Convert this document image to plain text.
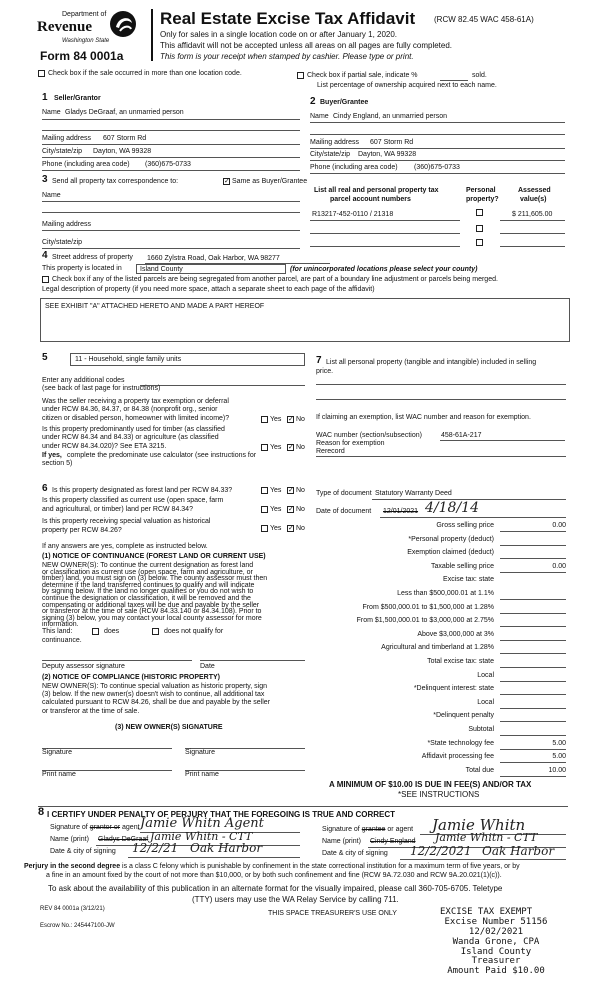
Department of
Revenue
Washington State
Form 84 0001a
Real Estate Excise Tax Affidavit (RCW 82.45 WAC 458-61A)
Only for sales in a single location code on or after January 1, 2020.
This affidavit will not be accepted unless all areas on all pages are fully completed.
This form is your receipt when stamped by cashier. Please type or print.
Check box if the sale occurred in more than one location code.	Check box if partial sale, indicate %	sold.
List percentage of ownership acquired next to each name.
1 Seller/Grantor
Name Gladys DeGraaf, an unmarried person
Mailing address 607 Storm Rd
City/state/zip Dayton, WA 99328
Phone (including area code) (360)675-0733
2 Buyer/Grantee
Name Cindy England, an unmarried person
Mailing address 607 Storm Rd
City/state/zip Dayton, WA 99328
Phone (including area code) (360)675-0733
3 Send all property tax correspondence to:	✓ Same as Buyer/Grantee
Name
Mailing address
City/state/zip
List all real and personal property tax
parcel account numbers
Personal
property?
Assessed
value(s)
R13217-452-0110 / 21318	$ 211,605.00
4 Street address of property 1660 Zylstra Road, Oak Harbor, WA 98277
This property is located in	Island County	(for unincorporated locations please select your county)
Check box if any of the listed parcels are being segregated from another parcel, are part of a boundary line adjustment or parcels being merged.
Legal description of property (if you need more space, attach a separate sheet to each page of the affidavit)
SEE EXHIBIT "A" ATTACHED HERETO AND MADE A PART HEREOF
5	11 - Household, single family units
Enter any additional codes
(see back of last page for instructions)
Was the seller receiving a property tax exemption or deferral
under RCW 84.36, 84.37, or 84.38 (nonprofit org., senior
citizen or disabled person, homeowner with limited income)?	Yes ✓ No
Is this property predominantly used for timber (as classified
under RCW 84.34 and 84.33) or agriculture (as classified
under RCW 84.34.020)? See ETA 3215.	Yes ✓ No
If yes, complete the predominate use calculator (see instructions for
section 5)
7 List all personal property (tangible and intangible) included in selling
price.
If claiming an exemption, list WAC number and reason for exemption.
WAC number (section/subsection)	458-61A-217
Reason for exemption
Rerecord
6 Is this property designated as forest land per RCW 84.33?	Yes ✓ No
Is this property classified as current use (open space, farm
and agricultural, or timber) land per RCW 84.34?	Yes ✓ No
Is this property receiving special valuation as historical
property per RCW 84.26?	Yes ✓ No
If any answers are yes, complete as instructed below.
(1) NOTICE OF CONTINUANCE (FOREST LAND OR CURRENT USE)
NEW OWNER(S): To continue the current designation as forest land
or classification as current use (open space, farm and agriculture, or
timber) land, you must sign on (3) below. The county assessor must then
determine if the land transferred continues to qualify and will indicate
by signing below. If the land no longer qualifies or you do not wish to
continue the designation or classification, it will be removed and the
compensating or additional taxes will be due and payable by the seller
or transferor at the time of sale (RCW 84.33.140 or 84.34.108). Prior to
signing (3) below, you may contact your local county assessor for more
information.
This land:	does	does not qualify for
continuance.
Deputy assessor signature	Date
(2) NOTICE OF COMPLIANCE (HISTORIC PROPERTY)
NEW OWNER(S): To continue special valuation as historic property, sign
(3) below. If the new owner(s) doesn't wish to continue, all additional tax
calculated pursuant to RCW 84.26, shall be due and payable by the seller
or transferor at the time of sale.
(3) NEW OWNER(S) SIGNATURE
Signature	Signature
Print name	Print name
Type of document Statutory Warranty Deed
Date of document 12/01/2021 4/18/14
Gross selling price	0.00
*Personal property (deduct)
Exemption claimed (deduct)
Taxable selling price	0.00
Excise tax: state
Less than $500,000.01 at 1.1%
From $500,000.01 to $1,500,000 at 1.28%
From $1,500,000.01 to $3,000,000 at 2.75%
Above $3,000,000 at 3%
Agricultural and timberland at 1.28%
Total excise tax: state
Local
*Delinquent interest: state
Local
*Delinquent penalty
Subtotal
*State technology fee	5.00
Affidavit processing fee	5.00
Total due	10.00
A MINIMUM OF $10.00 IS DUE IN FEE(S) AND/OR TAX
*SEE INSTRUCTIONS
8 I CERTIFY UNDER PENALTY OF PERJURY THAT THE FOREGOING IS TRUE AND CORRECT
Signature of grantor or agent Jamie Whitn Agent
Name (print) Gladys DeGraaf Jamie Whitn - CTT
Date & city of signing 12/2/21 Oak Harbor
Signature of grantee or agent Jamie Whitn
Name (print) Cindy England Jamie Whitn - CTT
Date & city of signing 12/2/2021 Oak Harbor
Perjury in the second degree is a class C felony which is punishable by confinement in the state correctional institution for a maximum term of five years, or by
a fine in an amount fixed by the court of not more than $10,000, or by both such confinement and fine (RCW 9A.72.030 and RCW 9A.20.021(1)(c)).
To ask about the availability of this publication in an alternate format for the visually impaired, please call 360-705-6705. Teletype
(TTY) users may use the WA Relay Service by calling 711.
REV 84 0001a (3/12/21)
THIS SPACE TREASURER'S USE ONLY
Escrow No.: 245447100-JW
EXCISE TAX EXEMPT
Excise Number 51156
12/02/2021
Wanda Grone, CPA
Island County Treasurer
Amount Paid $10.00
